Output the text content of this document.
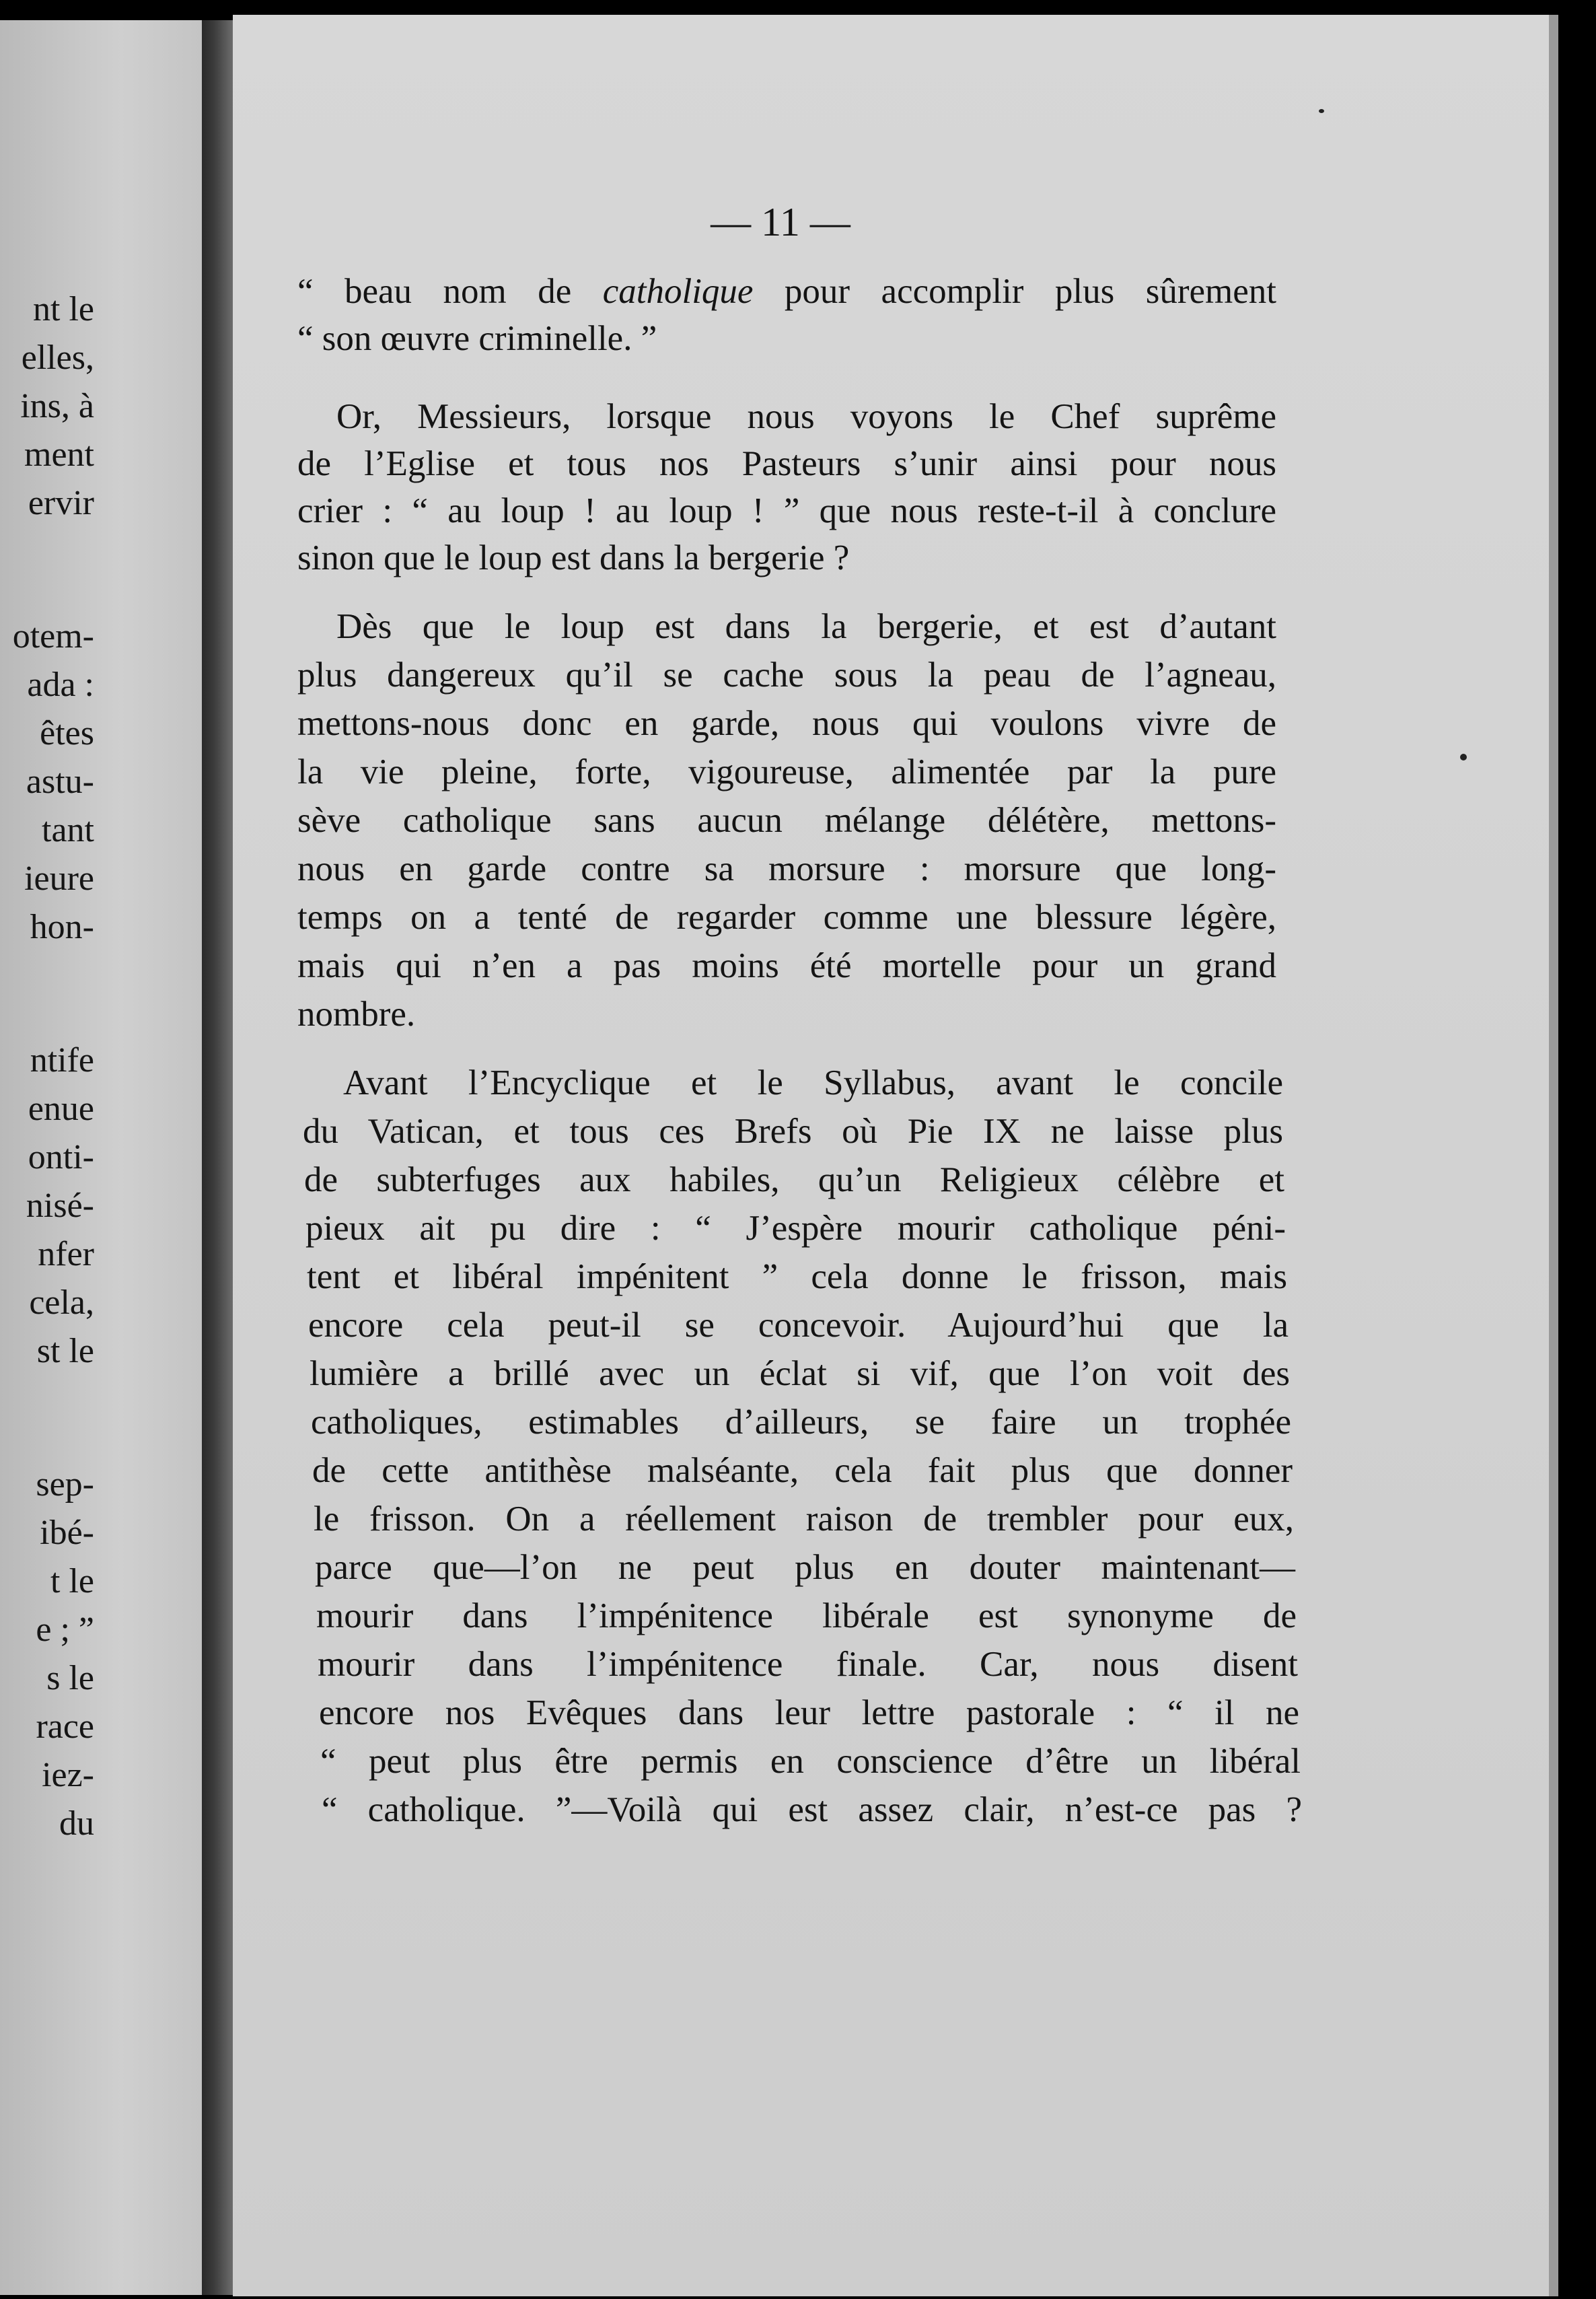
nt le
elles,
ins, à
ment
ervir
otem-
ada :
êtes
astu-
tant
ieure
hon-
ntife
enue
onti-
nisé-
nfer
cela,
st le
sep-
ibé-
t le
e ; ”
s le
race
iez-
du
— 11 —
“ beau nom de catholique pour accomplir plus sûrement
“ son œuvre criminelle. ”
Or, Messieurs, lorsque nous voyons le Chef suprême
de l’Eglise et tous nos Pasteurs s’unir ainsi pour nous
crier : “ au loup ! au loup ! ” que nous reste-t-il à conclure
sinon que le loup est dans la bergerie ?
Dès que le loup est dans la bergerie, et est d’autant
plus dangereux qu’il se cache sous la peau de l’agneau,
mettons-nous donc en garde, nous qui voulons vivre de
la vie pleine, forte, vigoureuse, alimentée par la pure
sève catholique sans aucun mélange délétère, mettons-
nous en garde contre sa morsure : morsure que long-
temps on a tenté de regarder comme une blessure légère,
mais qui n’en a pas moins été mortelle pour un grand
nombre.
Avant l’Encyclique et le Syllabus, avant le concile
du Vatican, et tous ces Brefs où Pie IX ne laisse plus
de subterfuges aux habiles, qu’un Religieux célèbre et
pieux ait pu dire : “ J’espère mourir catholique péni-
tent et libéral impénitent ” cela donne le frisson, mais
encore cela peut-il se concevoir. Aujourd’hui que la
lumière a brillé avec un éclat si vif, que l’on voit des
catholiques, estimables d’ailleurs, se faire un trophée
de cette antithèse malséante, cela fait plus que donner
le frisson. On a réellement raison de trembler pour eux,
parce que—l’on ne peut plus en douter maintenant—
mourir dans l’impénitence libérale est synonyme de
mourir dans l’impénitence finale. Car, nous disent
encore nos Evêques dans leur lettre pastorale : “ il ne
“ peut plus être permis en conscience d’être un libéral
“ catholique. ”—Voilà qui est assez clair, n’est-ce pas ?
